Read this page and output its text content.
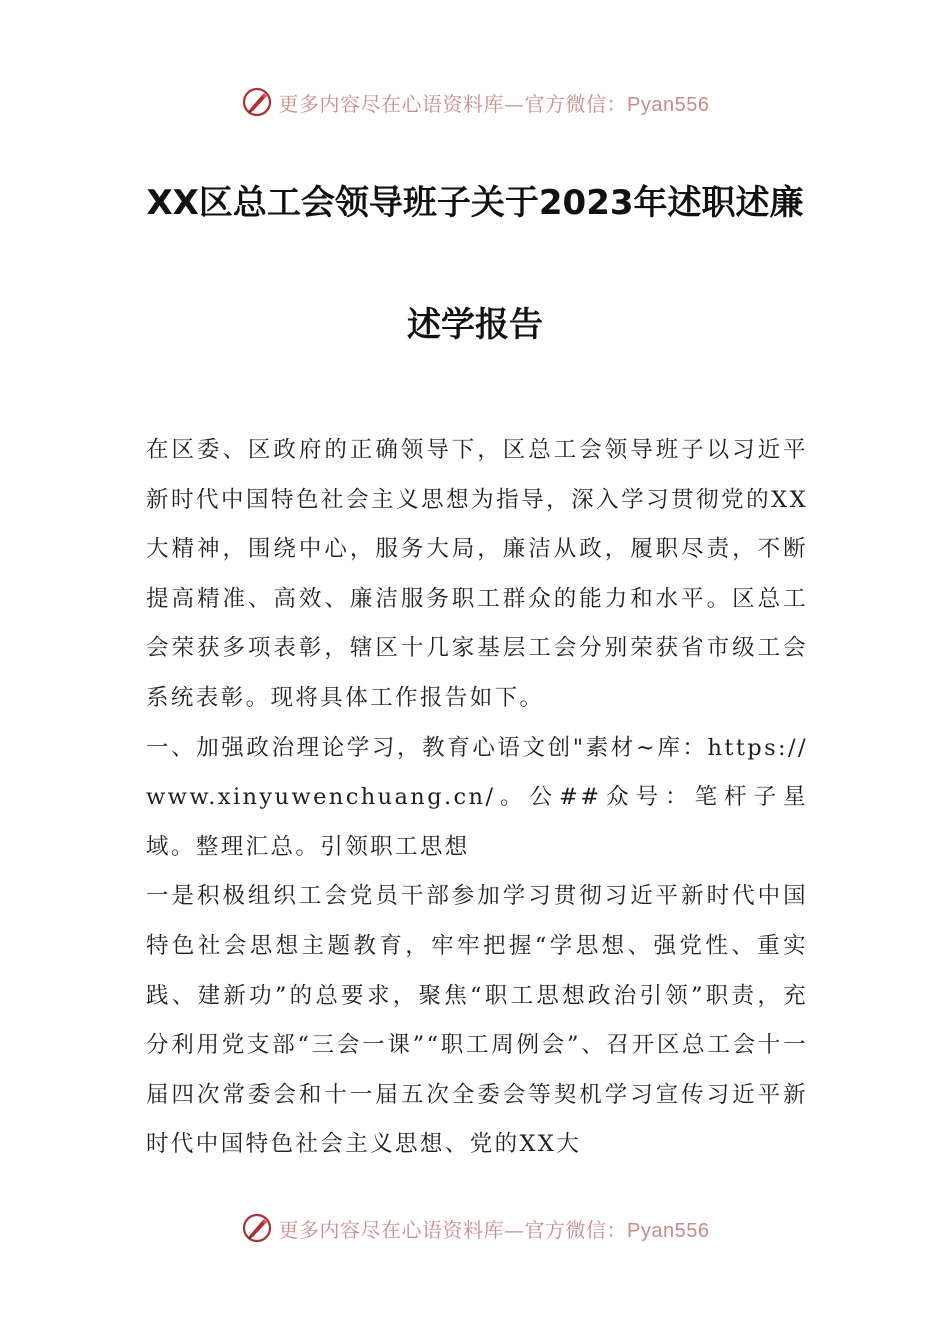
更多内容尽在心语资料库—官方微信：Pyan556
XX区总工会领导班子关于2023年述职述廉
述学报告

在区委、区政府的正确领导下，区总工会领导班子以习近平新时代中国特色社会主义思想为指导，深入学习贯彻党的XX大精神，围绕中心，服务大局，廉洁从政，履职尽责，不断提高精准、高效、廉洁服务职工群众的能力和水平。区总工会荣获多项表彰，辖区十几家基层工会分别荣获省市级工会系统表彰。现将具体工作报告如下。

一、加强政治理论学习，教育心语文创"素材~库：https://www.xinyuwenchuang.cn/。公##众号：笔杆子星域。整理汇总。引领职工思想

一是积极组织工会党员干部参加学习贯彻习近平新时代中国特色社会思想主题教育，牢牢把握“学思想、强党性、重实践、建新功”的总要求，聚焦“职工思想政治引领”职责，充分利用党支部“三会一课”“职工周例会”、召开区总工会十一届四次常委会和十一届五次全委会等契机学习宣传习近平新时代中国特色社会主义思想、党的XX大

更多内容尽在心语资料库—官方微信：Pyan556
